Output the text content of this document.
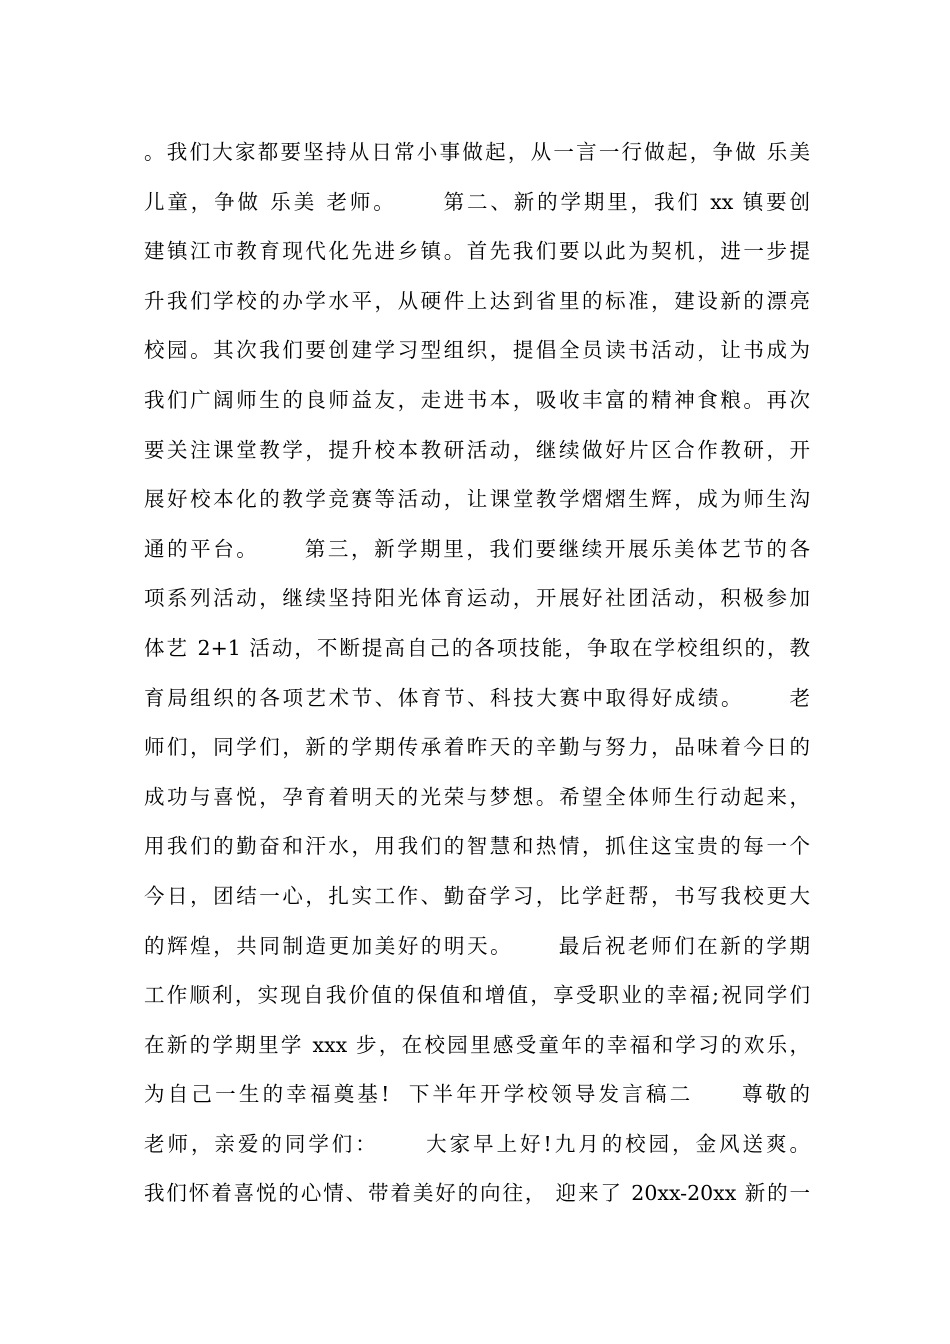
。我们大家都要坚持从日常小事做起，从一言一行做起，争做 乐美
儿童，争做 乐美 老师。     第二、新的学期里，我们 xx 镇要创
建镇江市教育现代化先进乡镇。首先我们要以此为契机，进一步提
升我们学校的办学水平，从硬件上达到省里的标准，建设新的漂亮
校园。其次我们要创建学习型组织，提倡全员读书活动，让书成为
我们广阔师生的良师益友，走进书本，吸收丰富的精神食粮。再次
要关注课堂教学，提升校本教研活动，继续做好片区合作教研，开
展好校本化的教学竞赛等活动，让课堂教学熠熠生辉，成为师生沟
通的平台。     第三，新学期里，我们要继续开展乐美体艺节的各
项系列活动，继续坚持阳光体育运动，开展好社团活动，积极参加
体艺 2+1 活动，不断提高自己的各项技能，争取在学校组织的，教
育局组织的各项艺术节、体育节、科技大赛中取得好成绩。     老
师们，同学们，新的学期传承着昨天的辛勤与努力，品味着今日的
成功与喜悦，孕育着明天的光荣与梦想。希望全体师生行动起来，
用我们的勤奋和汗水，用我们的智慧和热情，抓住这宝贵的每一个
今日，团结一心，扎实工作、勤奋学习，比学赶帮，书写我校更大
的辉煌，共同制造更加美好的明天。     最后祝老师们在新的学期
工作顺利，实现自我价值的保值和增值，享受职业的幸福;祝同学们
在新的学期里学 xxx 步，在校园里感受童年的幸福和学习的欢乐，
为自己一生的幸福奠基!  下半年开学校领导发言稿二     尊敬的
老师，亲爱的同学们：     大家早上好!九月的校园，金风送爽。
我们怀着喜悦的心情、带着美好的向往， 迎来了 20xx-20xx 新的一
